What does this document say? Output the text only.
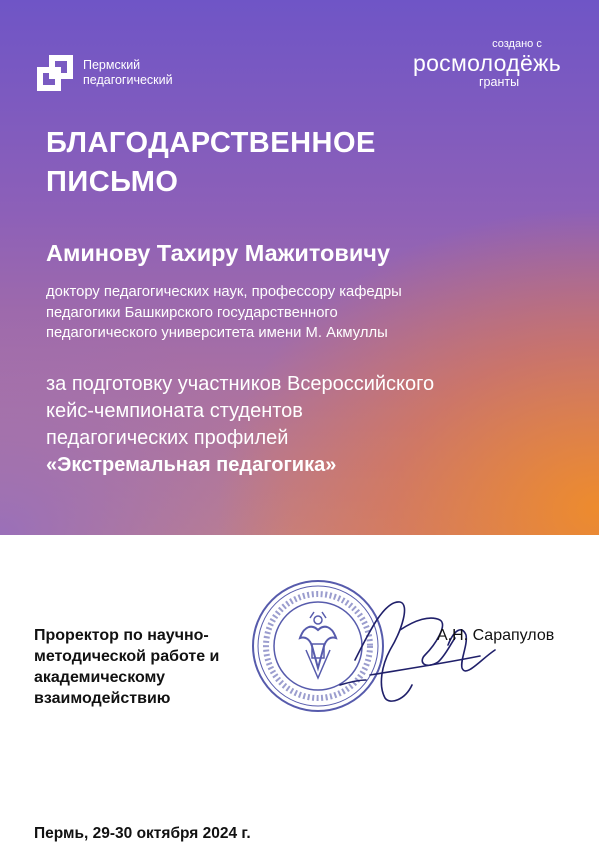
Пермский
педагогический
создано с
росмолодёжь
гранты
БЛАГОДАРСТВЕННОЕ
ПИСЬМО
Аминову Тахиру Мажитовичу
доктору педагогических наук, профессору кафедры
педагогики Башкирского государственного
педагогического университета имени М. Акмуллы
за подготовку участников Всероссийского
кейс-чемпионата студентов
педагогических профилей
«Экстремальная педагогика»
Проректор по научно-
методической работе и
академическому
взаимодействию
А.Н. Сарапулов
Пермь, 29-30 октября 2024 г.
